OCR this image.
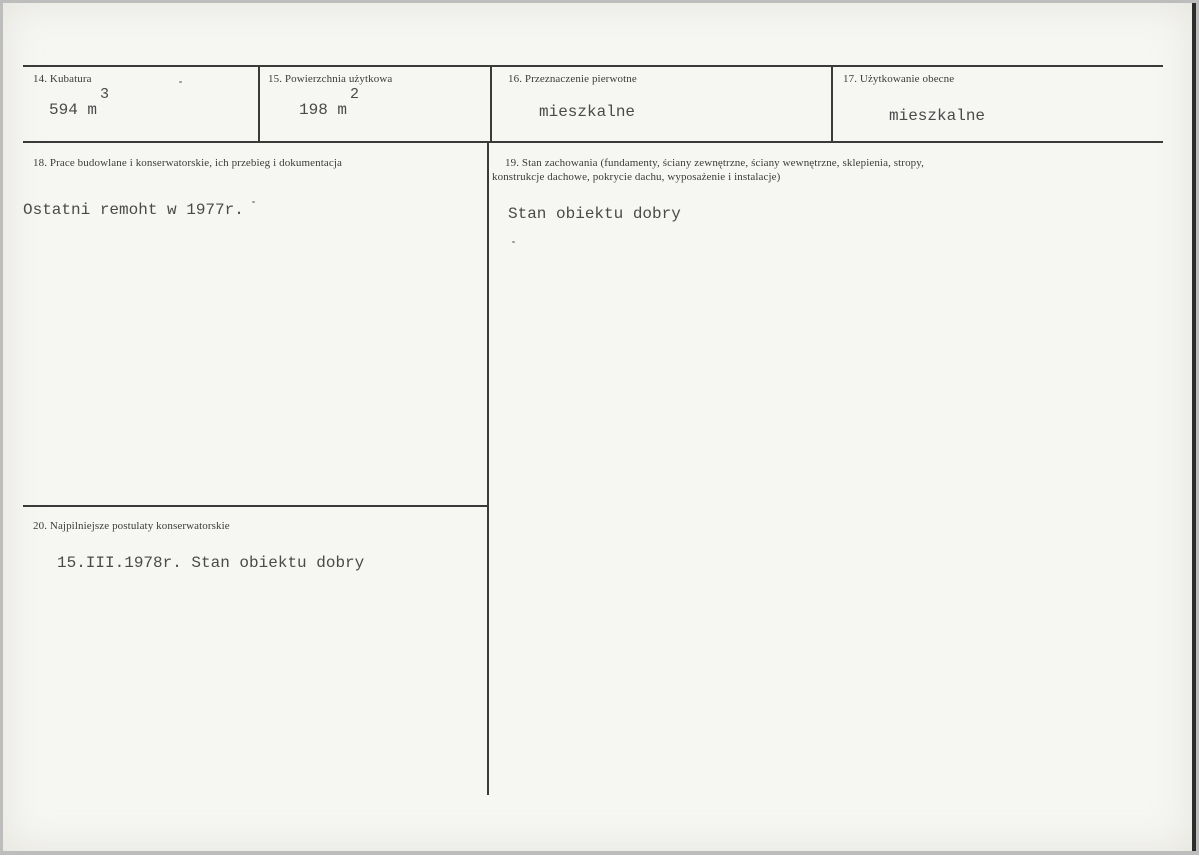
14. Kubatura
594 m
3
15. Powierzchnia użytkowa
198 m
2
16. Przeznaczenie pierwotne
mieszkalne
17. Użytkowanie obecne
mieszkalne
18. Prace budowlane i konserwatorskie, ich przebieg i dokumentacja
Ostatni remoht w 1977r.
19. Stan zachowania (fundamenty, ściany zewnętrzne, ściany wewnętrzne, sklepienia, stropy,
konstrukcje dachowe, pokrycie dachu, wyposażenie i instalacje)
Stan obiektu dobry
20. Najpilniejsze postulaty konserwatorskie
15.III.1978r. Stan obiektu dobry
